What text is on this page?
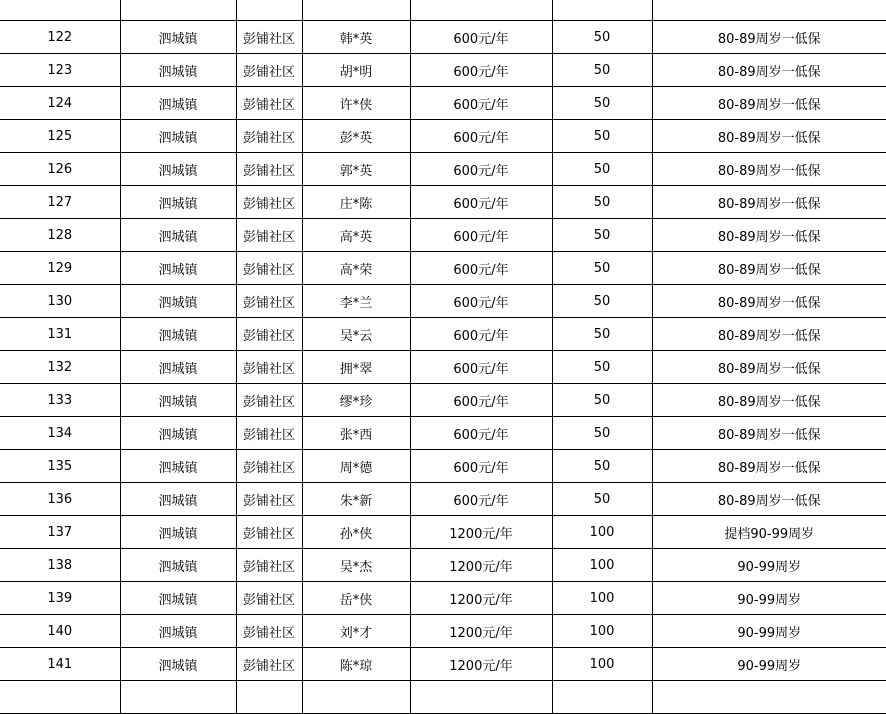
122	泗城镇	彭铺社区	韩*英	600元/年	50	80-89周岁一低保
123	泗城镇	彭铺社区	胡*明	600元/年	50	80-89周岁一低保
124	泗城镇	彭铺社区	许*侠	600元/年	50	80-89周岁一低保
125	泗城镇	彭铺社区	彭*英	600元/年	50	80-89周岁一低保
126	泗城镇	彭铺社区	郭*英	600元/年	50	80-89周岁一低保
127	泗城镇	彭铺社区	庄*陈	600元/年	50	80-89周岁一低保
128	泗城镇	彭铺社区	高*英	600元/年	50	80-89周岁一低保
129	泗城镇	彭铺社区	高*荣	600元/年	50	80-89周岁一低保
130	泗城镇	彭铺社区	李*兰	600元/年	50	80-89周岁一低保
131	泗城镇	彭铺社区	吴*云	600元/年	50	80-89周岁一低保
132	泗城镇	彭铺社区	拥*翠	600元/年	50	80-89周岁一低保
133	泗城镇	彭铺社区	缪*珍	600元/年	50	80-89周岁一低保
134	泗城镇	彭铺社区	张*西	600元/年	50	80-89周岁一低保
135	泗城镇	彭铺社区	周*德	600元/年	50	80-89周岁一低保
136	泗城镇	彭铺社区	朱*新	600元/年	50	80-89周岁一低保
137	泗城镇	彭铺社区	孙*侠	1200元/年	100	提档90-99周岁
138	泗城镇	彭铺社区	吴*杰	1200元/年	100	90-99周岁
139	泗城镇	彭铺社区	岳*侠	1200元/年	100	90-99周岁
140	泗城镇	彭铺社区	刘*才	1200元/年	100	90-99周岁
141	泗城镇	彭铺社区	陈*琼	1200元/年	100	90-99周岁
